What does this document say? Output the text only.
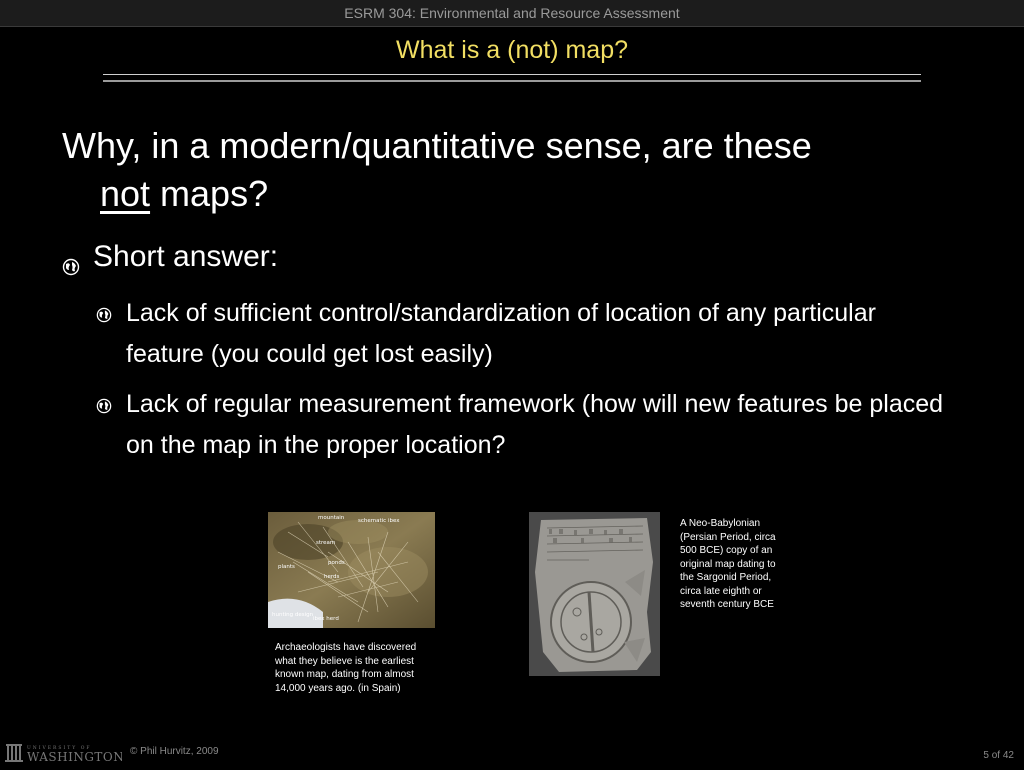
ESRM 304: Environmental and Resource Assessment
What is a (not) map?
Why, in a modern/quantitative sense, are these
not maps?
Short answer:
Lack of sufficient control/standardization of location of any particular feature (you could get lost easily)
Lack of regular measurement framework (how will new features be placed on the map in the proper location?
mountain	schematic ibex
stream
plants
ponds
herds
hunting design
ibex herd
Archaeologists have discovered what they believe is the earliest known map, dating from almost 14,000 years ago. (in Spain)
A Neo-Babylonian (Persian Period, circa 500 BCE) copy of an original map dating to the Sargonid Period, circa late eighth or seventh century BCE
UNIVERSITY OF
WASHINGTON © Phil Hurvitz, 2009	5 of 42
